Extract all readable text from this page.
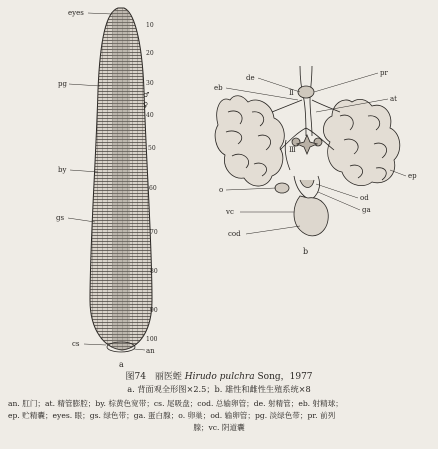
eyes
pg
by
gs
cs
an
♂
♀
10
20
30
40
50
60
70
80
90
100
a
de
pr
eb
at
ep
o
vc
od
ga
cod
Ⅱ
Ⅲ
b
图74　丽医蛭 Hirudo pulchra Song，1977
a. 背面观全形图×2.5；b. 雄性和雌性生殖系统×8
an. 肛门；at. 精管膨腔；by. 棕黄色宽带；cs. 尾吸盘；cod. 总输卵管；de. 射精管；eb. 射精球；
ep. 贮精囊；eyes. 眼；gs. 绿色带；ga. 蛋白腺；o. 卵巢；od. 输卵管；pg. 淡绿色带；pr. 前列

腺；vc. 阴道囊
